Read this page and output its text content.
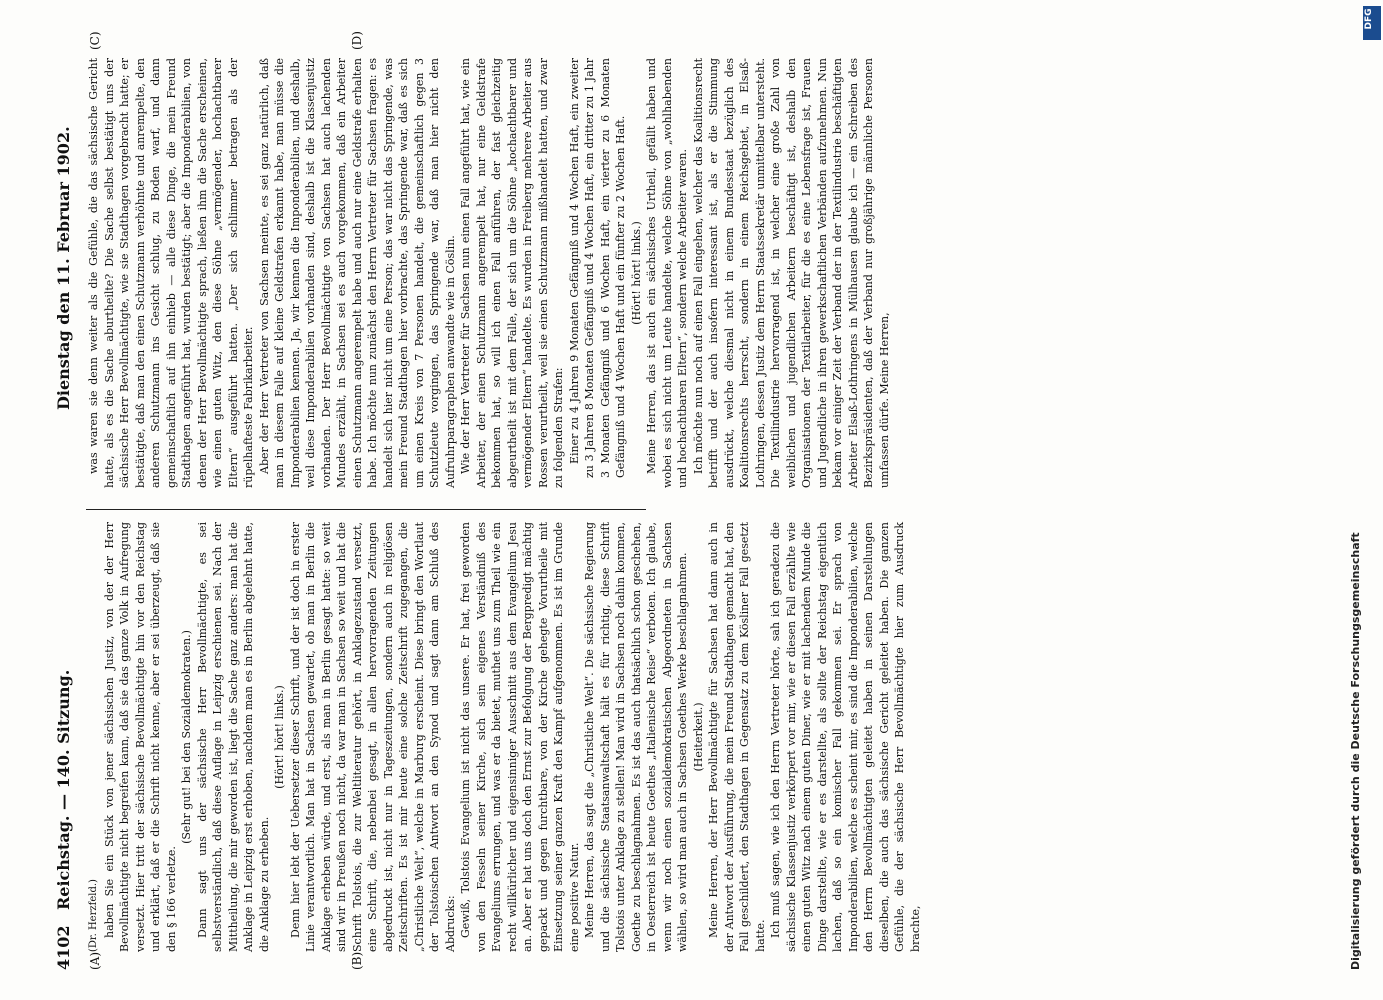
4102
Reichstag. — 140. Sitzung.
Dienstag den 11. Februar 1902.
(A)	(B)
(C)	(D)

(Dr. Herzfeld.) haben Sie ein Stück von jener sächsischen Justiz, von der der Herr Bevollmächtigte nicht begreifen kann, daß sie das ganze Volk in Aufregung versetzt. Hier tritt der sächsische Bevollmächtigte hin vor den Reichstag und erklärt, daß er die Schrift nicht kenne, aber er sei überzeugt, daß sie den § 166 verletze.

(Sehr gut! bei den Sozialdemokraten.) Dann sagt uns der sächsische Herr Bevollmächtigte, es sei selbstverständlich, daß diese Auflage in Leipzig erschienen sei. Nach der Mittheilung, die mir geworden ist, liegt die Sache ganz anders: man hat die Anklage in Leipzig erst erhoben, nachdem man es in Berlin abgelehnt hatte, die Anklage zu erheben.

(Hört! hört! links.) Denn hier lebt der Uebersetzer dieser Schrift, und der ist doch in erster Linie verantwortlich. Man hat in Sachsen gewartet, ob man in Berlin die Anklage erheben würde, und erst, als man in Berlin gesagt hatte: so weit sind wir in Preußen noch nicht, da war man in Sachsen so weit und hat die Schrift Tolstois, die zur Weltliteratur gehört, in Anklagezustand versetzt, eine Schrift, die, nebenbei gesagt, in allen hervorragenden Zeitungen abgedruckt ist, nicht nur in Tageszeitungen, sondern auch in religiösen Zeitschriften. Es ist mir heute eine solche Zeitschrift zugegangen, die „Christliche Welt“, welche in Marburg erscheint. Diese bringt den Wortlaut der Tolstoischen Antwort an den Synod und sagt dann am Schluß des Abdrucks: Gewiß, Tolstois Evangelium ist nicht das unsere. Er hat, frei geworden von den Fesseln seiner Kirche, sich sein eigenes Verständniß des Evangeliums errungen, und was er da bietet, muthet uns zum Theil wie ein recht willkürlicher und eigensinniger Ausschnitt aus dem Evangelium Jesu an. Aber er hat uns doch den Ernst zur Befolgung der Bergpredigt mächtig gepackt und gegen furchtbare, von der Kirche gehegte Vorurtheile mit Einsetzung seiner ganzen Kraft den Kampf aufgenommen. Es ist im Grunde eine positive Natur. Meine Herren, das sagt die „Christliche Welt“. Die sächsische Regierung und die sächsische Staatsanwaltschaft hält es für richtig, diese Schrift Tolstois unter Anklage zu stellen! Man wird in Sachsen noch dahin kommen, Goethe zu beschlagnahmen. Es ist das auch thatsächlich schon geschehen, in Oesterreich ist heute Goethes „Italienische Reise“ verboten. Ich glaube, wenn wir noch einen sozialdemokratischen Abgeordneten in Sachsen wählen, so wird man auch in Sachsen Goethes Werke beschlagnahmen. (Heiterkeit.) Meine Herren, der Herr Bevollmächtigte für Sachsen hat dann auch in der Antwort der Ausführung, die mein Freund Stadthagen gemacht hat, den Fall geschildert, den Stadthagen in Gegensatz zu dem Kösliner Fall gesetzt hatte. Ich muß sagen, wie ich den Herrn Vertreter hörte, sah ich geradezu die sächsische Klassenjustiz verkörpert vor mir, wie er diesen Fall erzählte wie einen guten Witz nach einem guten Diner, wie er mit lachendem Munde die Dinge darstellte, wie er es darstellte, als sollte der Reichstag eigentlich lachen, daß so ein komischer Fall gekommen sei. Er sprach von Imponderabilien, welche es scheint mir, es sind die Imponderabilien, welche den Herrn Bevollmächtigten geleitet haben in seinen Darstellungen dieselben, die auch das sächsische Gericht geleitet haben. Die ganzen Gefühle, die der sächsische Herr Bevollmächtigte hier zum Ausdruck brachte,

was waren sie denn weiter als die Gefühle, die das sächsische Gericht hatte, als es die Sache aburtheilte? Die Sache selbst bestätigt uns der sächsische Herr Bevollmächtigte, wie sie Stadthagen vorgebracht hatte; er bestätigte, daß man den einen Schutzmann verhöhnte und anrempelte, den anderen Schutzmann ins Gesicht schlug, zu Boden warf, und dann gemeinschaftlich auf ihn einhieb — alle diese Dinge, die mein Freund Stadthagen angeführt hat, wurden bestätigt; aber die Imponderabilien, von denen der Herr Bevollmächtigte sprach, ließen ihm die Sache erscheinen, wie einen guten Witz, den diese Söhne „vermögender, hochachtbarer Eltern“ ausgeführt hatten. „Der sich schlimmer betragen als der rüpelhafteste Fabrikarbeiter. Aber der Herr Vertreter von Sachsen meinte, es sei ganz natürlich, daß man in diesem Falle auf kleine Geldstrafen erkannt habe, man müsse die Imponderabilien kennen. Ja, wir kennen die Imponderabilien, und deshalb, weil diese Imponderabilien vorhanden sind, deshalb ist die Klassenjustiz vorhanden. Der Herr Bevollmächtigte von Sachsen hat auch lachenden Mundes erzählt, in Sachsen sei es auch vorgekommen, daß ein Arbeiter einen Schutzmann angerempelt habe und auch nur eine Geldstrafe erhalten habe. Ich möchte nun zunächst den Herrn Vertreter für Sachsen fragen: es handelt sich hier nicht um eine Person; das war nicht das Springende, was mein Freund Stadthagen hier vorbrachte, das Springende war, daß es sich um einen Kreis von 7 Personen handelt, die gemeinschaftlich gegen 3 Schutzleute vorgingen, das Springende war, daß man hier nicht den Aufruhrparagraphen anwandte wie in Cöslin. Wie der Herr Vertreter für Sachsen nun einen Fall angeführt hat, wie ein Arbeiter, der einen Schutzmann angerempelt hat, nur eine Geldstrafe bekommen hat, so will ich einen Fall anführen, der fast gleichzeitig abgeurtheilt ist mit dem Falle, der sich um die Söhne „hochachtbarer und vermögender Eltern“ handelte. Es wurden in Freiberg mehrere Arbeiter aus Rossen verurtheilt, weil sie einen Schutzmann mißhandelt hatten, und zwar zu folgenden Strafen: Einer zu 4 Jahren 9 Monaten Gefängniß und 4 Wochen Haft, ein zweiter zu 3 Jahren 8 Monaten Gefängniß und 4 Wochen Haft, ein dritter zu 1 Jahr 3 Monaten Gefängniß und 6 Wochen Haft, ein vierter zu 6 Monaten Gefängniß und 4 Wochen Haft und ein fünfter zu 2 Wochen Haft. (Hört! hört! links.) Meine Herren, das ist auch ein sächsisches Urtheil, gefällt haben und wobei es sich nicht um Leute handelte, welche Söhne von „wohlhabenden und hochachtbaren Eltern“, sondern welche Arbeiter waren. Ich möchte nun noch auf einen Fall eingehen, welcher das Koalitionsrecht betrifft und der auch insofern interessant ist, als er die Stimmung ausdrückt, welche diesmal nicht in einem Bundesstaat bezüglich des Koalitionsrechts herrscht, sondern in einem Reichsgebiet, in Elsaß-Lothringen, dessen Justiz dem Herrn Staatssekretär unmittelbar untersteht. Die Textilindustrie hervorragend ist, in welcher eine große Zahl von weiblichen und jugendlichen Arbeitern beschäftigt ist, deshalb den Organisationen der Textilarbeiter, für die es eine Lebensfrage ist, Frauen und Jugendliche in ihren gewerkschaftlichen Verbänden aufzunehmen. Nun bekam vor einiger Zeit der Verband der in der Textilindustrie beschäftigten Arbeiter Elsaß-Lothringens in Mülhausen glaube ich — ein Schreiben des Bezirkspräsidenten, daß der Verband nur großjährige männliche Personen umfassen dürfe. Meine Herren,

Digitalisierung gefördert durch die Deutsche Forschungsgemeinschaft
DFG
